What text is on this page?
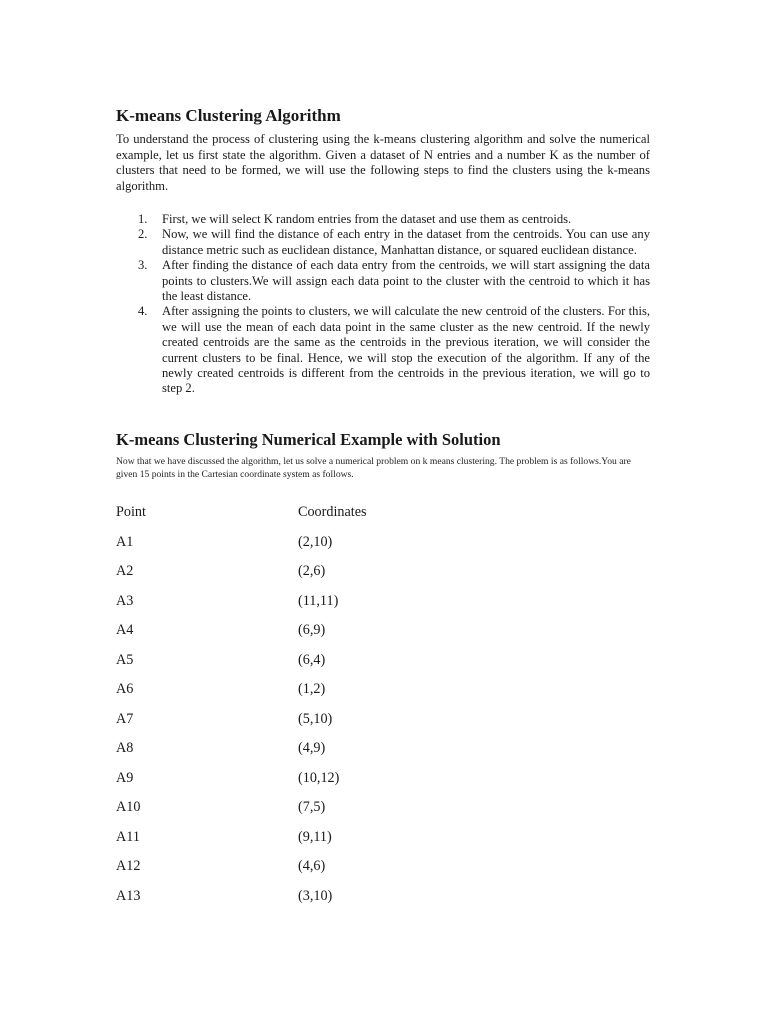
K-means Clustering Algorithm

To understand the process of clustering using the k-means clustering algorithm and solve the numerical example, let us first state the algorithm. Given a dataset of N entries and a number K as the number of clusters that need to be formed, we will use the following steps to find the clusters using the k-means algorithm.

1.	First, we will select K random entries from the dataset and use them as centroids.
2.	Now, we will find the distance of each entry in the dataset from the centroids. You can use any distance metric such as euclidean distance, Manhattan distance, or squared euclidean distance.
3.	After finding the distance of each data entry from the centroids, we will start assigning the data points to clusters.We will assign each data point to the cluster with the centroid to which it has the least distance.
4.	After assigning the points to clusters, we will calculate the new centroid of the clusters. For this, we will use the mean of each data point in the same cluster as the new centroid. If the newly created centroids are the same as the centroids in the previous iteration, we will consider the current clusters to be final. Hence, we will stop the execution of the algorithm. If any of the newly created centroids is different from the centroids in the previous iteration, we will go to step 2.
K-means Clustering Numerical Example with Solution

Now that we have discussed the algorithm, let us solve a numerical problem on k means clustering. The problem is as follows.You are given 15 points in the Cartesian coordinate system as follows.

Point	Coordinates
A1	(2,10)
A2	(2,6)
A3	(11,11)
A4	(6,9)
A5	(6,4)
A6	(1,2)
A7	(5,10)
A8	(4,9)
A9	(10,12)
A10	(7,5)
A11	(9,11)
A12	(4,6)
A13	(3,10)
